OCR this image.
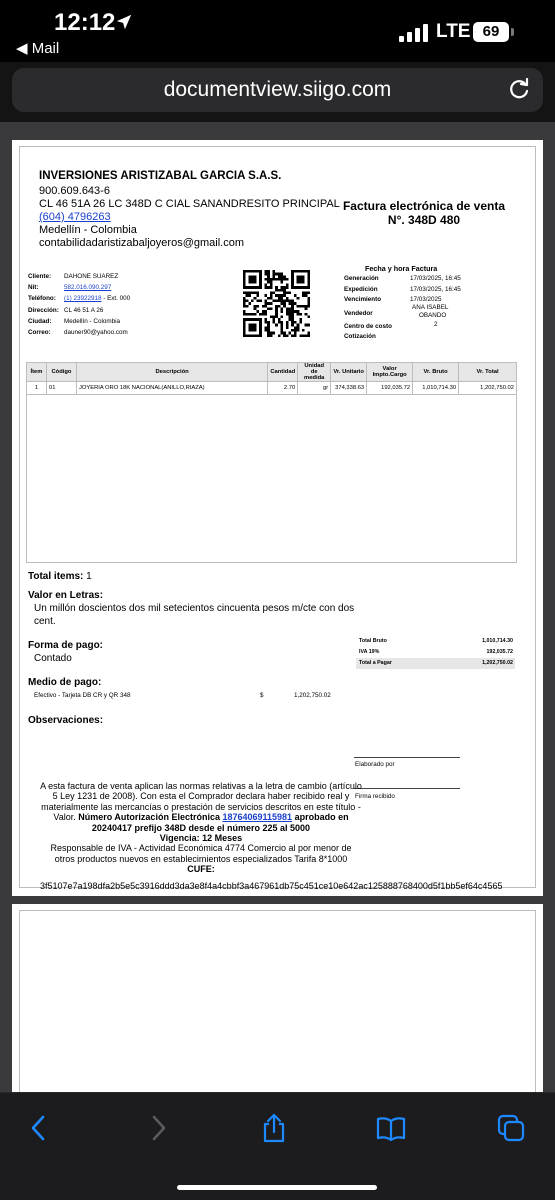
12:12
◀ Mail
LTE 69
documentview.siigo.com
INVERSIONES ARISTIZABAL GARCIA S.A.S.
900.609.643-6
CL 46 51A 26 LC 348D C CIAL SANANDRESITO PRINCIPAL
(604) 4796263
Medellín - Colombia
contabilidadaristizabaljoyeros@gmail.com
Factura electrónica de venta
N°. 348D 480
Cliente: DAHONE SUAREZ
Nit:	582.016.090.297
Teléfono: (1) 23922918 - Ext. 000
Dirección: CL 46 51 A 26
Ciudad: Medellín - Colombia
Correo: dauner90@yahoo.com
Fecha y hora Factura
Generación	17/03/2025, 16:45
Expedición	17/03/2025, 16:45
Vencimiento	17/03/2025
Vendedor
ANA ISABEL
OBANDO
Centro de costo	2
Cotización
Ítem	Código	Descripción	Cantidad	Unidad de medida	Vr. Unitario	Valor Impto.Cargo	Vr. Bruto	Vr. Total
1	01	JOYERIA ORO 18K NACIONAL(ANILLO,RIAZA)	2.70	gr	374,338.63	192,035.72	1,010,714.30	1,202,750.02
Total items: 1
Valor en Letras:
Un millón doscientos dos mil setecientos cincuenta pesos m/cte con dos
cent.
Forma de pago:
Contado
Medio de pago:
Efectivo - Tarjeta DB CR y QR 348	$	1,202,750.02
Observaciones:
Total Bruto	1,010,714.30
IVA 19%	192,035.72
Total a Pagar	1,202,750.02
Elaborado por
Firma recibido
A esta factura de venta aplican las normas relativas a la letra de cambio (artículo 5 Ley 1231 de 2008). Con esta el Comprador declara haber recibido real y materialmente las mercancías o prestación de servicios descritos en este título - Valor. Número Autorización Electrónica 18764069115981 aprobado en 20240417 prefijo 348D desde el número 225 al 5000
Vigencia: 12 Meses
Responsable de IVA - Actividad Económica 4774 Comercio al por menor de otros productos nuevos en establecimientos especializados Tarifa 8*1000
CUFE:
3f5107e7a198dfa2b5e5c3916ddd3da3e8f4a4cbbf3a467961db75c451ce10e642ac125888768400d5f1bb5ef64c4565
